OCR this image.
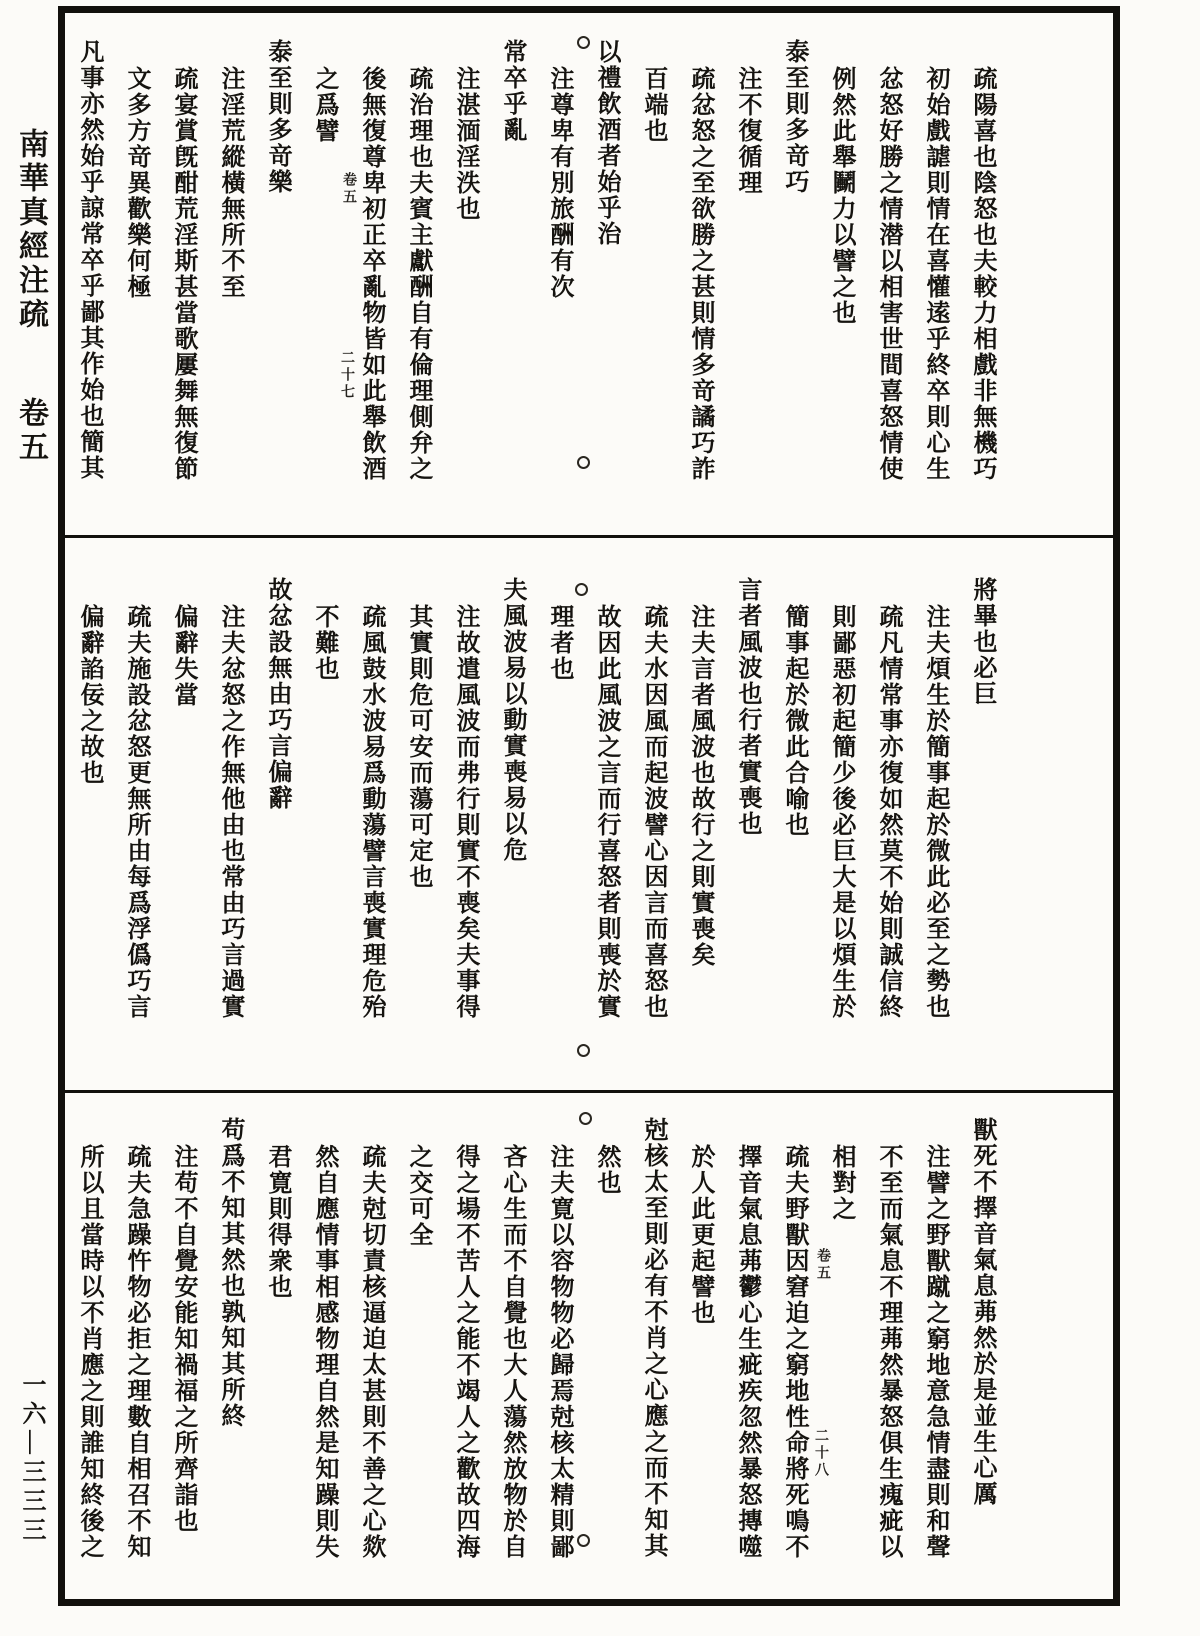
南華真經注疏 卷五
一六—三三三
疏陽喜也陰怒也夫較力相戲非無機巧
初始戲謔則情在喜懽逺乎終卒則心生
忿怒好勝之情潜以相害世間喜怒情使
例然此舉鬭力以譬之也
泰至則多竒巧
注不復循理
疏忿怒之至欲勝之甚則情多竒譎巧詐
百端也
以禮飲酒者始乎治
注尊卑有別旅酬有次
常卒乎亂
注湛湎淫泆也
疏治理也夫賓主獻酬自有倫理側弁之
後無復尊卑初正卒亂物皆如此舉飲酒
之爲譬
泰至則多竒樂
注淫荒縱橫無所不至
疏宴賞旣酣荒淫斯甚當歌屢舞無復節
文多方竒異歡樂何極
凡事亦然始乎諒常卒乎鄙其作始也簡其
將畢也必巨
注夫煩生於簡事起於微此必至之勢也
疏凡情常事亦復如然莫不始則誠信終
則鄙惡初起簡少後必巨大是以煩生於
簡事起於微此合喻也
言者風波也行者實喪也
注夫言者風波也故行之則實喪矣
疏夫水因風而起波譬心因言而喜怒也
故因此風波之言而行喜怒者則喪於實
理者也
夫風波易以動實喪易以危
注故遣風波而弗行則實不喪矣夫事得
其實則危可安而蕩可定也
疏風鼓水波易爲動蕩譬言喪實理危殆
不難也
故忿設無由巧言偏辭
注夫忿怒之作無他由也常由巧言過實
偏辭失當
疏夫施設忿怒更無所由每爲浮僞巧言
偏辭諂佞之故也
獸死不擇音氣息茀然於是並生心厲
注譬之野獸蹴之窮地意急情盡則和聲
不至而氣息不理茀然暴怒俱生瘣疵以
相對之
疏夫野獸因窘迫之窮地性命將死鳴不
擇音氣息茀鬱心生疵疾忽然暴怒摶噬
於人此更起譬也
尅核太至則必有不肖之心應之而不知其
然也
注夫寛以容物物必歸焉尅核太精則鄙
吝心生而不自覺也大人蕩然放物於自
得之場不苦人之能不竭人之歡故四海
之交可全
疏夫尅切責核逼迫太甚則不善之心欻
然自應情事相感物理自然是知躁則失
君寛則得衆也
苟爲不知其然也孰知其所終
注苟不自覺安能知禍福之所齊詣也
疏夫急躁忤物必拒之理數自相召不知
所以且當時以不肖應之則誰知終後之
卷五
二十七
卷五
二十八
